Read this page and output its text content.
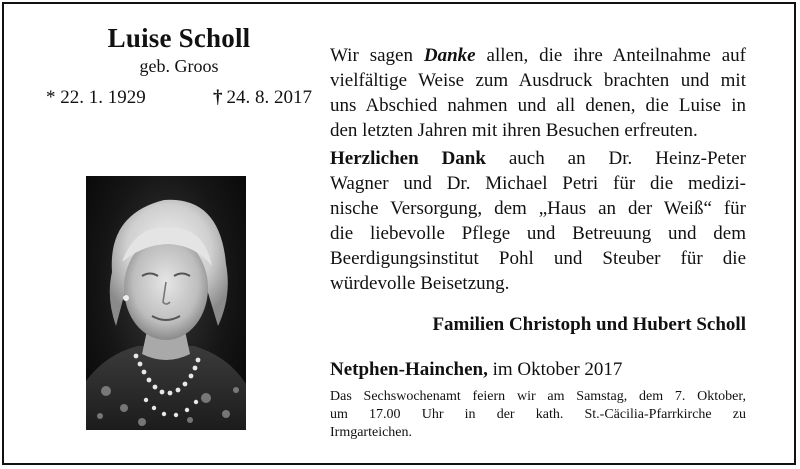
Luise Scholl
geb. Groos
* 22. 1. 1929	† 24. 8. 2017
Wir sagen Danke allen, die ihre Anteilnahme auf
vielfältige Weise zum Ausdruck brachten und mit
uns Abschied nahmen und all denen, die Luise in
den letzten Jahren mit ihren Besuchen erfreuten.
Herzlichen Dank auch an Dr. Heinz-Peter
Wagner und Dr. Michael Petri für die medizi-
nische Versorgung, dem „Haus an der Weiß“ für
die liebevolle Pflege und Betreuung und dem
Beerdigungsinstitut Pohl und Steuber für die
würdevolle Beisetzung.
Familien Christoph und Hubert Scholl
Netphen-Hainchen, im Oktober 2017
Das Sechswochenamt feiern wir am Samstag, dem 7. Oktober,
um 17.00 Uhr in der kath. St.-Cäcilia-Pfarrkirche zu
Irmgarteichen.
